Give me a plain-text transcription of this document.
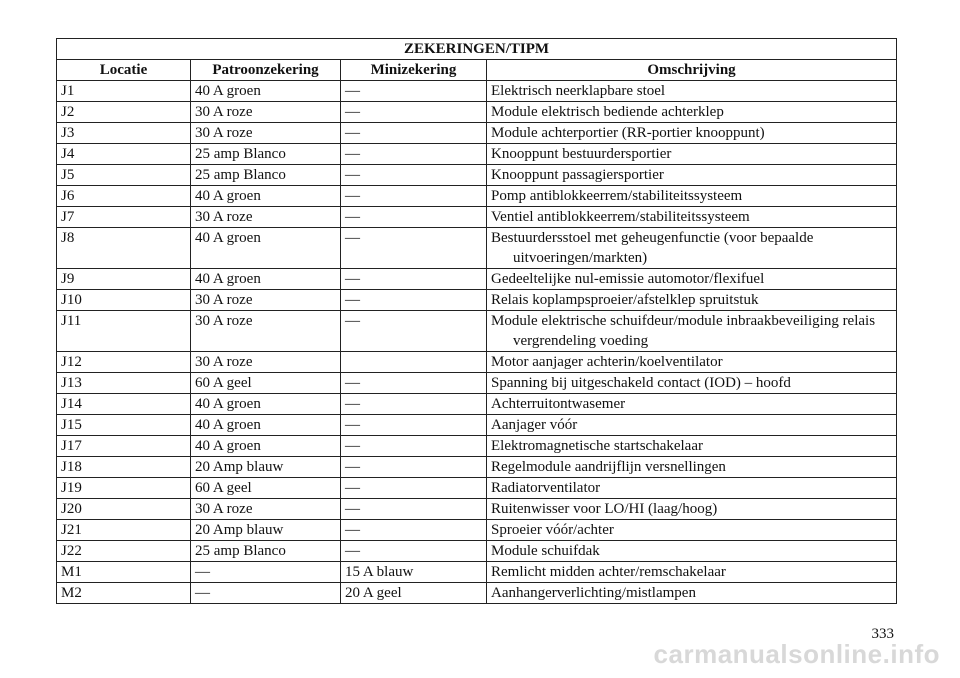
ZEKERINGEN/TIPM			
Locatie	Patroonzekering	Minizekering	Omschrijving
J1	40 A groen	—	Elektrisch neerklapbare stoel

J2	30 A roze	—	Module elektrisch bediende achterklep

J3	30 A roze	—	Module achterportier (RR-portier knooppunt)

J4	25 amp Blanco	—	Knooppunt bestuurdersportier

J5	25 amp Blanco	—	Knooppunt passagiersportier

J6	40 A groen	—	Pomp antiblokkeerrem/stabiliteitssysteem

J7	30 A roze	—	Ventiel antiblokkeerrem/stabiliteitssysteem

J8	40 A groen	—	Bestuurdersstoel met geheugenfunctie (voor bepaalde uitvoeringen/markten)

J9	40 A groen	—	Gedeeltelijke nul-emissie automotor/flexifuel

J10	30 A roze	—	Relais koplampsproeier/afstelklep spruitstuk

J11	30 A roze	—	Module elektrische schuifdeur/module inbraakbeveiliging relais vergrendeling voeding

J12	30 A roze		Motor aanjager achterin/koelventilator

J13	60 A geel	—	Spanning bij uitgeschakeld contact (IOD) – hoofd

J14	40 A groen	—	Achterruitontwasemer

J15	40 A groen	—	Aanjager vóór

J17	40 A groen	—	Elektromagnetische startschakelaar

J18	20 Amp blauw	—	Regelmodule aandrijflijn versnellingen

J19	60 A geel	—	Radiatorventilator

J20	30 A roze	—	Ruitenwisser voor LO/HI (laag/hoog)

J21	20 Amp blauw	—	Sproeier vóór/achter

J22	25 amp Blanco	—	Module schuifdak

M1	—	15 A blauw	Remlicht midden achter/remschakelaar

M2	—	20 A geel	Aanhangerverlichting/mistlampen
333
carmanualsonline.info
